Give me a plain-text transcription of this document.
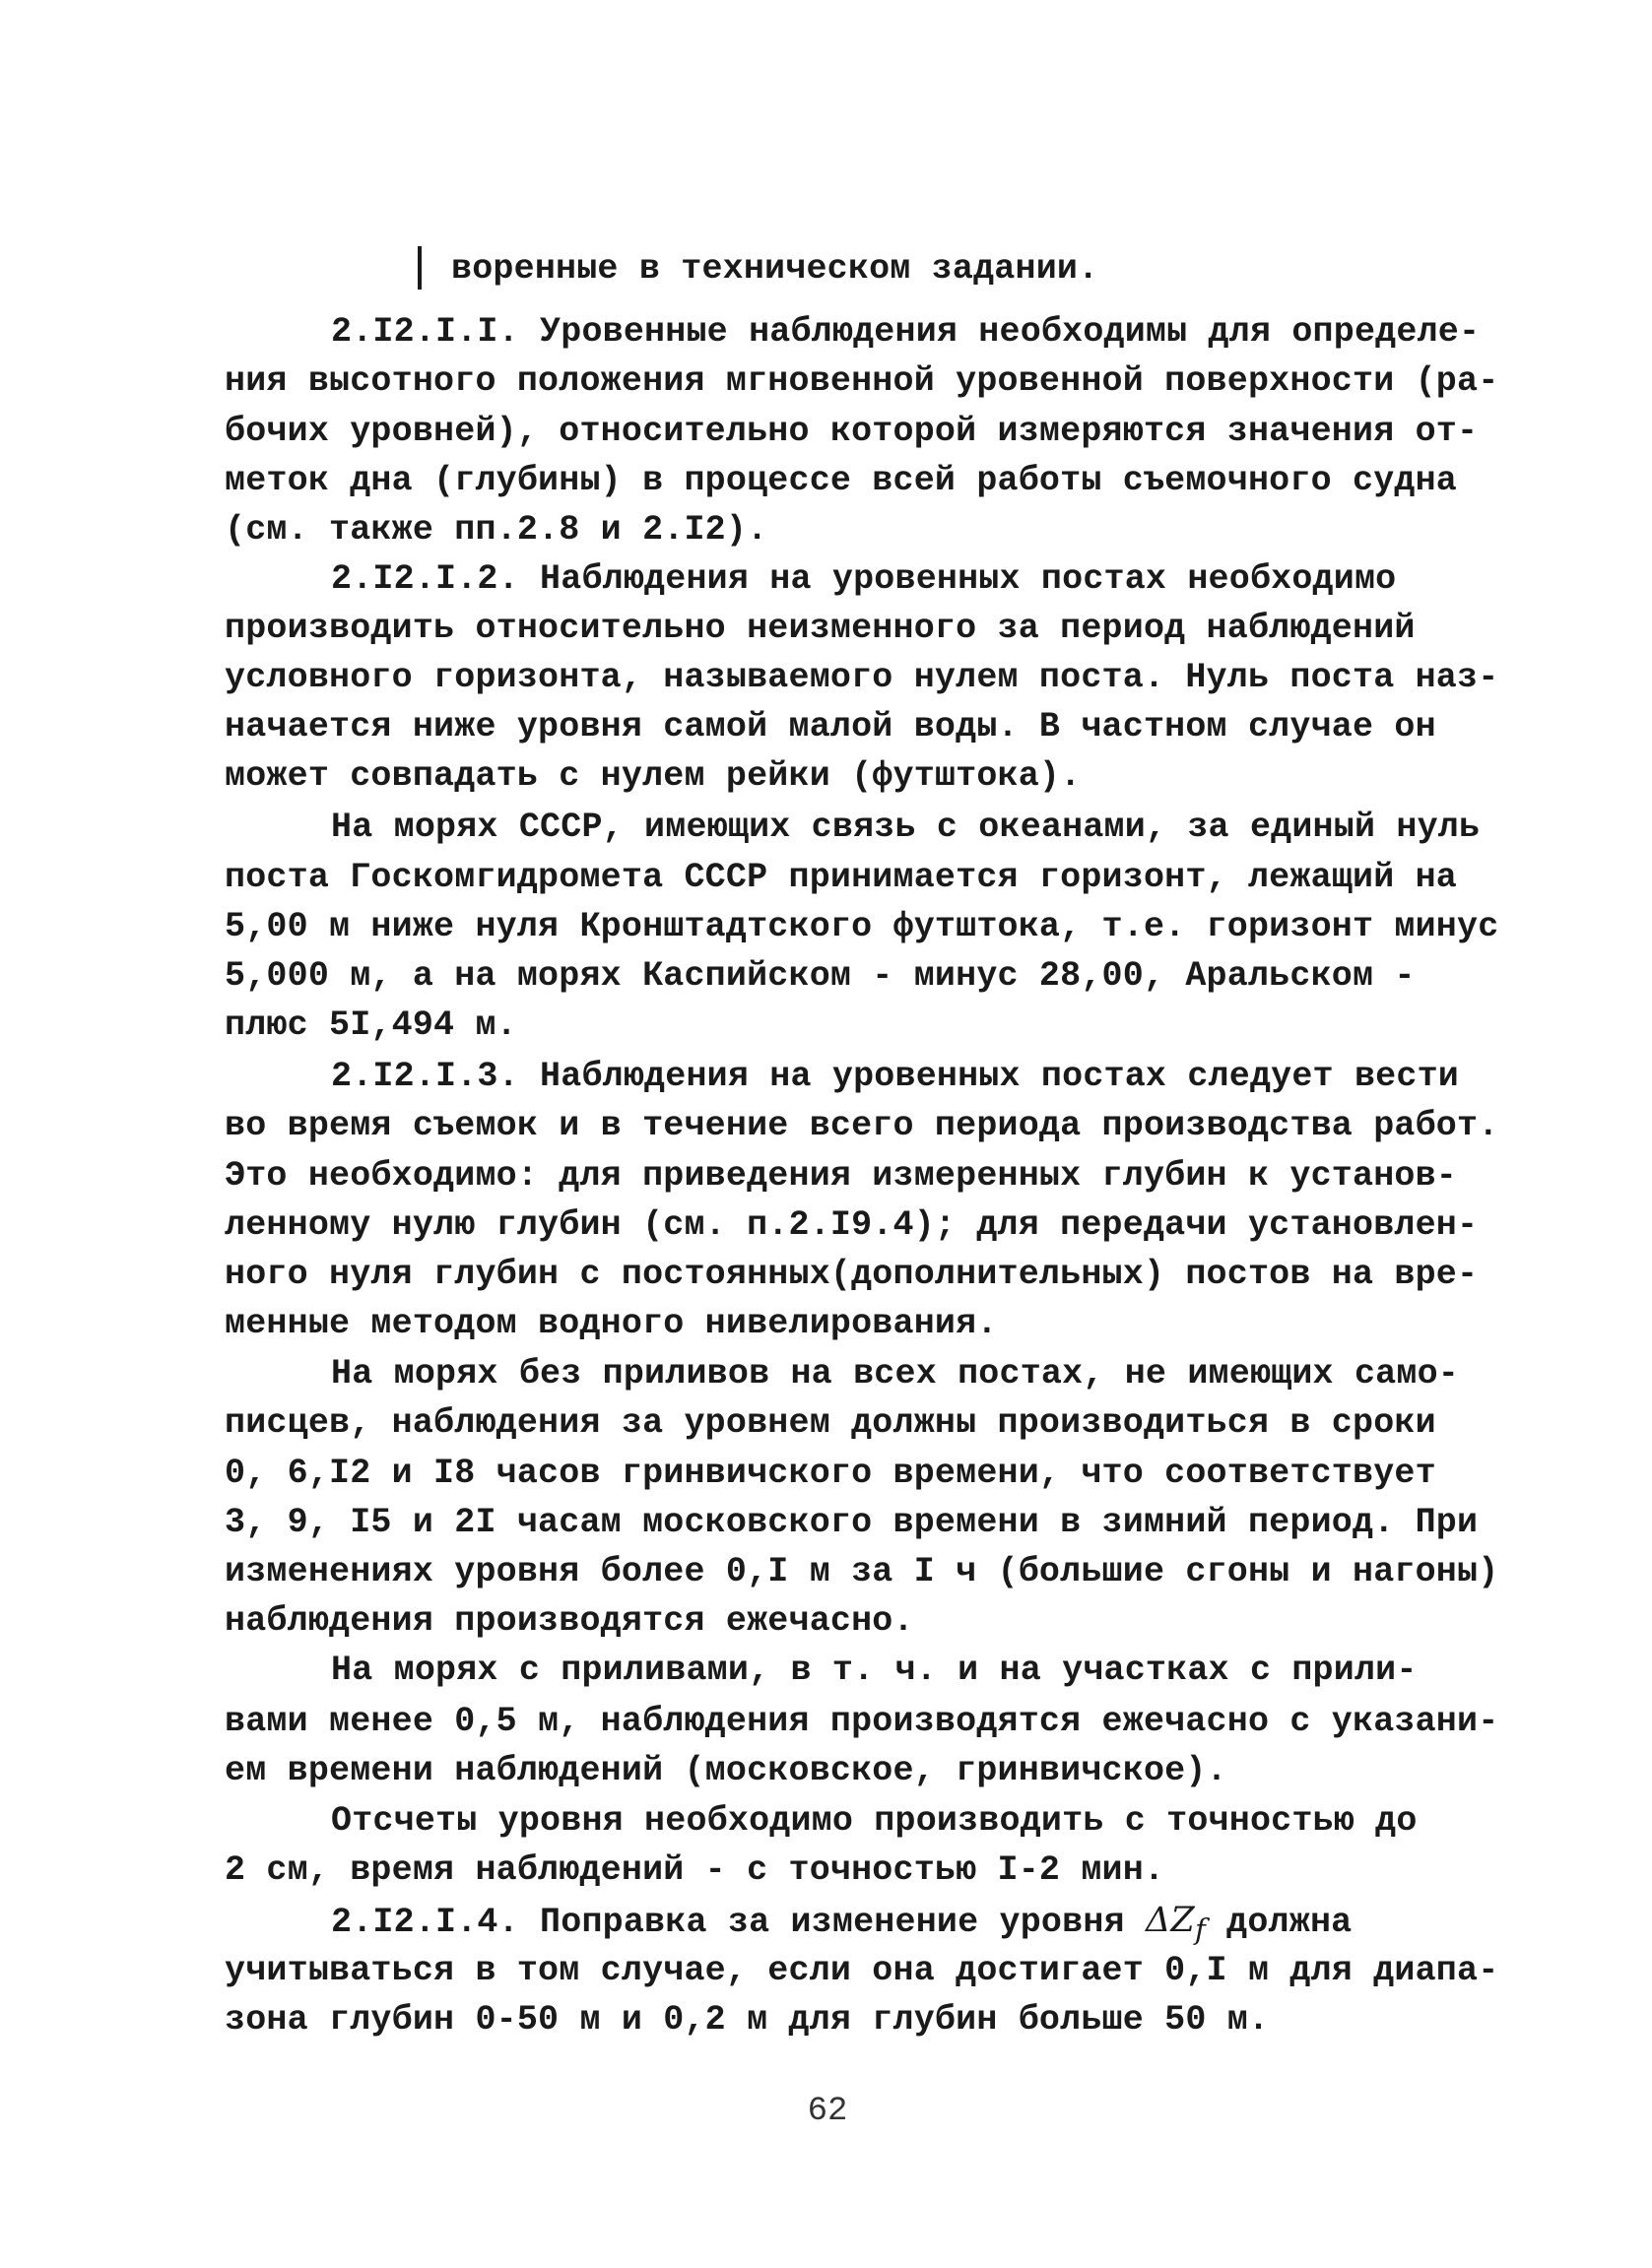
воренные в техническом задании.
2.I2.I.I. Уровенные наблюдения необходимы для определе-
ния высотного положения мгновенной уровенной поверхности (ра-
бочих уровней), относительно которой измеряются значения от-
меток дна (глубины) в процессе всей работы съемочного судна
(см. также пп.2.8 и 2.I2).
2.I2.I.2. Наблюдения на уровенных постах необходимо
производить относительно неизменного за период наблюдений
условного горизонта, называемого нулем поста. Нуль поста наз-
начается ниже уровня самой малой воды. В частном случае он
может совпадать с нулем рейки (футштока).
На морях СССР, имеющих связь с океанами, за единый нуль
поста Госкомгидромета СССР принимается горизонт, лежащий на
5,00 м ниже нуля Кронштадтского футштока, т.е. горизонт минус
5,000 м, а на морях Каспийском - минус 28,00, Аральском -
плюс 5I,494 м.
2.I2.I.3. Наблюдения на уровенных постах следует вести
во время съемок и в течение всего периода производства работ.
Это необходимо: для приведения измеренных глубин к установ-
ленному нулю глубин (см. п.2.I9.4); для передачи установлен-
ного нуля глубин с постоянных(дополнительных) постов на вре-
менные методом водного нивелирования.
На морях без приливов на всех постах, не имеющих само-
писцев, наблюдения за уровнем должны производиться в сроки
0, 6,I2 и I8 часов гринвичского времени, что соответствует
3, 9, I5 и 2I часам московского времени в зимний период. При
изменениях уровня более 0,I м за I ч (большие сгоны и нагоны)
наблюдения производятся ежечасно.
На морях с приливами, в т. ч. и на участках с прили-
вами менее 0,5 м, наблюдения производятся ежечасно с указани-
ем времени наблюдений (московское, гринвичское).
Отсчеты уровня необходимо производить с точностью до
2 см, время наблюдений - с точностью I-2 мин.
2.I2.I.4. Поправка за изменение уровня $\Delta Z_f$ должна
учитываться в том случае, если она достигает 0,I м для диапа-
зона глубин 0-50 м и 0,2 м для глубин больше 50 м.
62
